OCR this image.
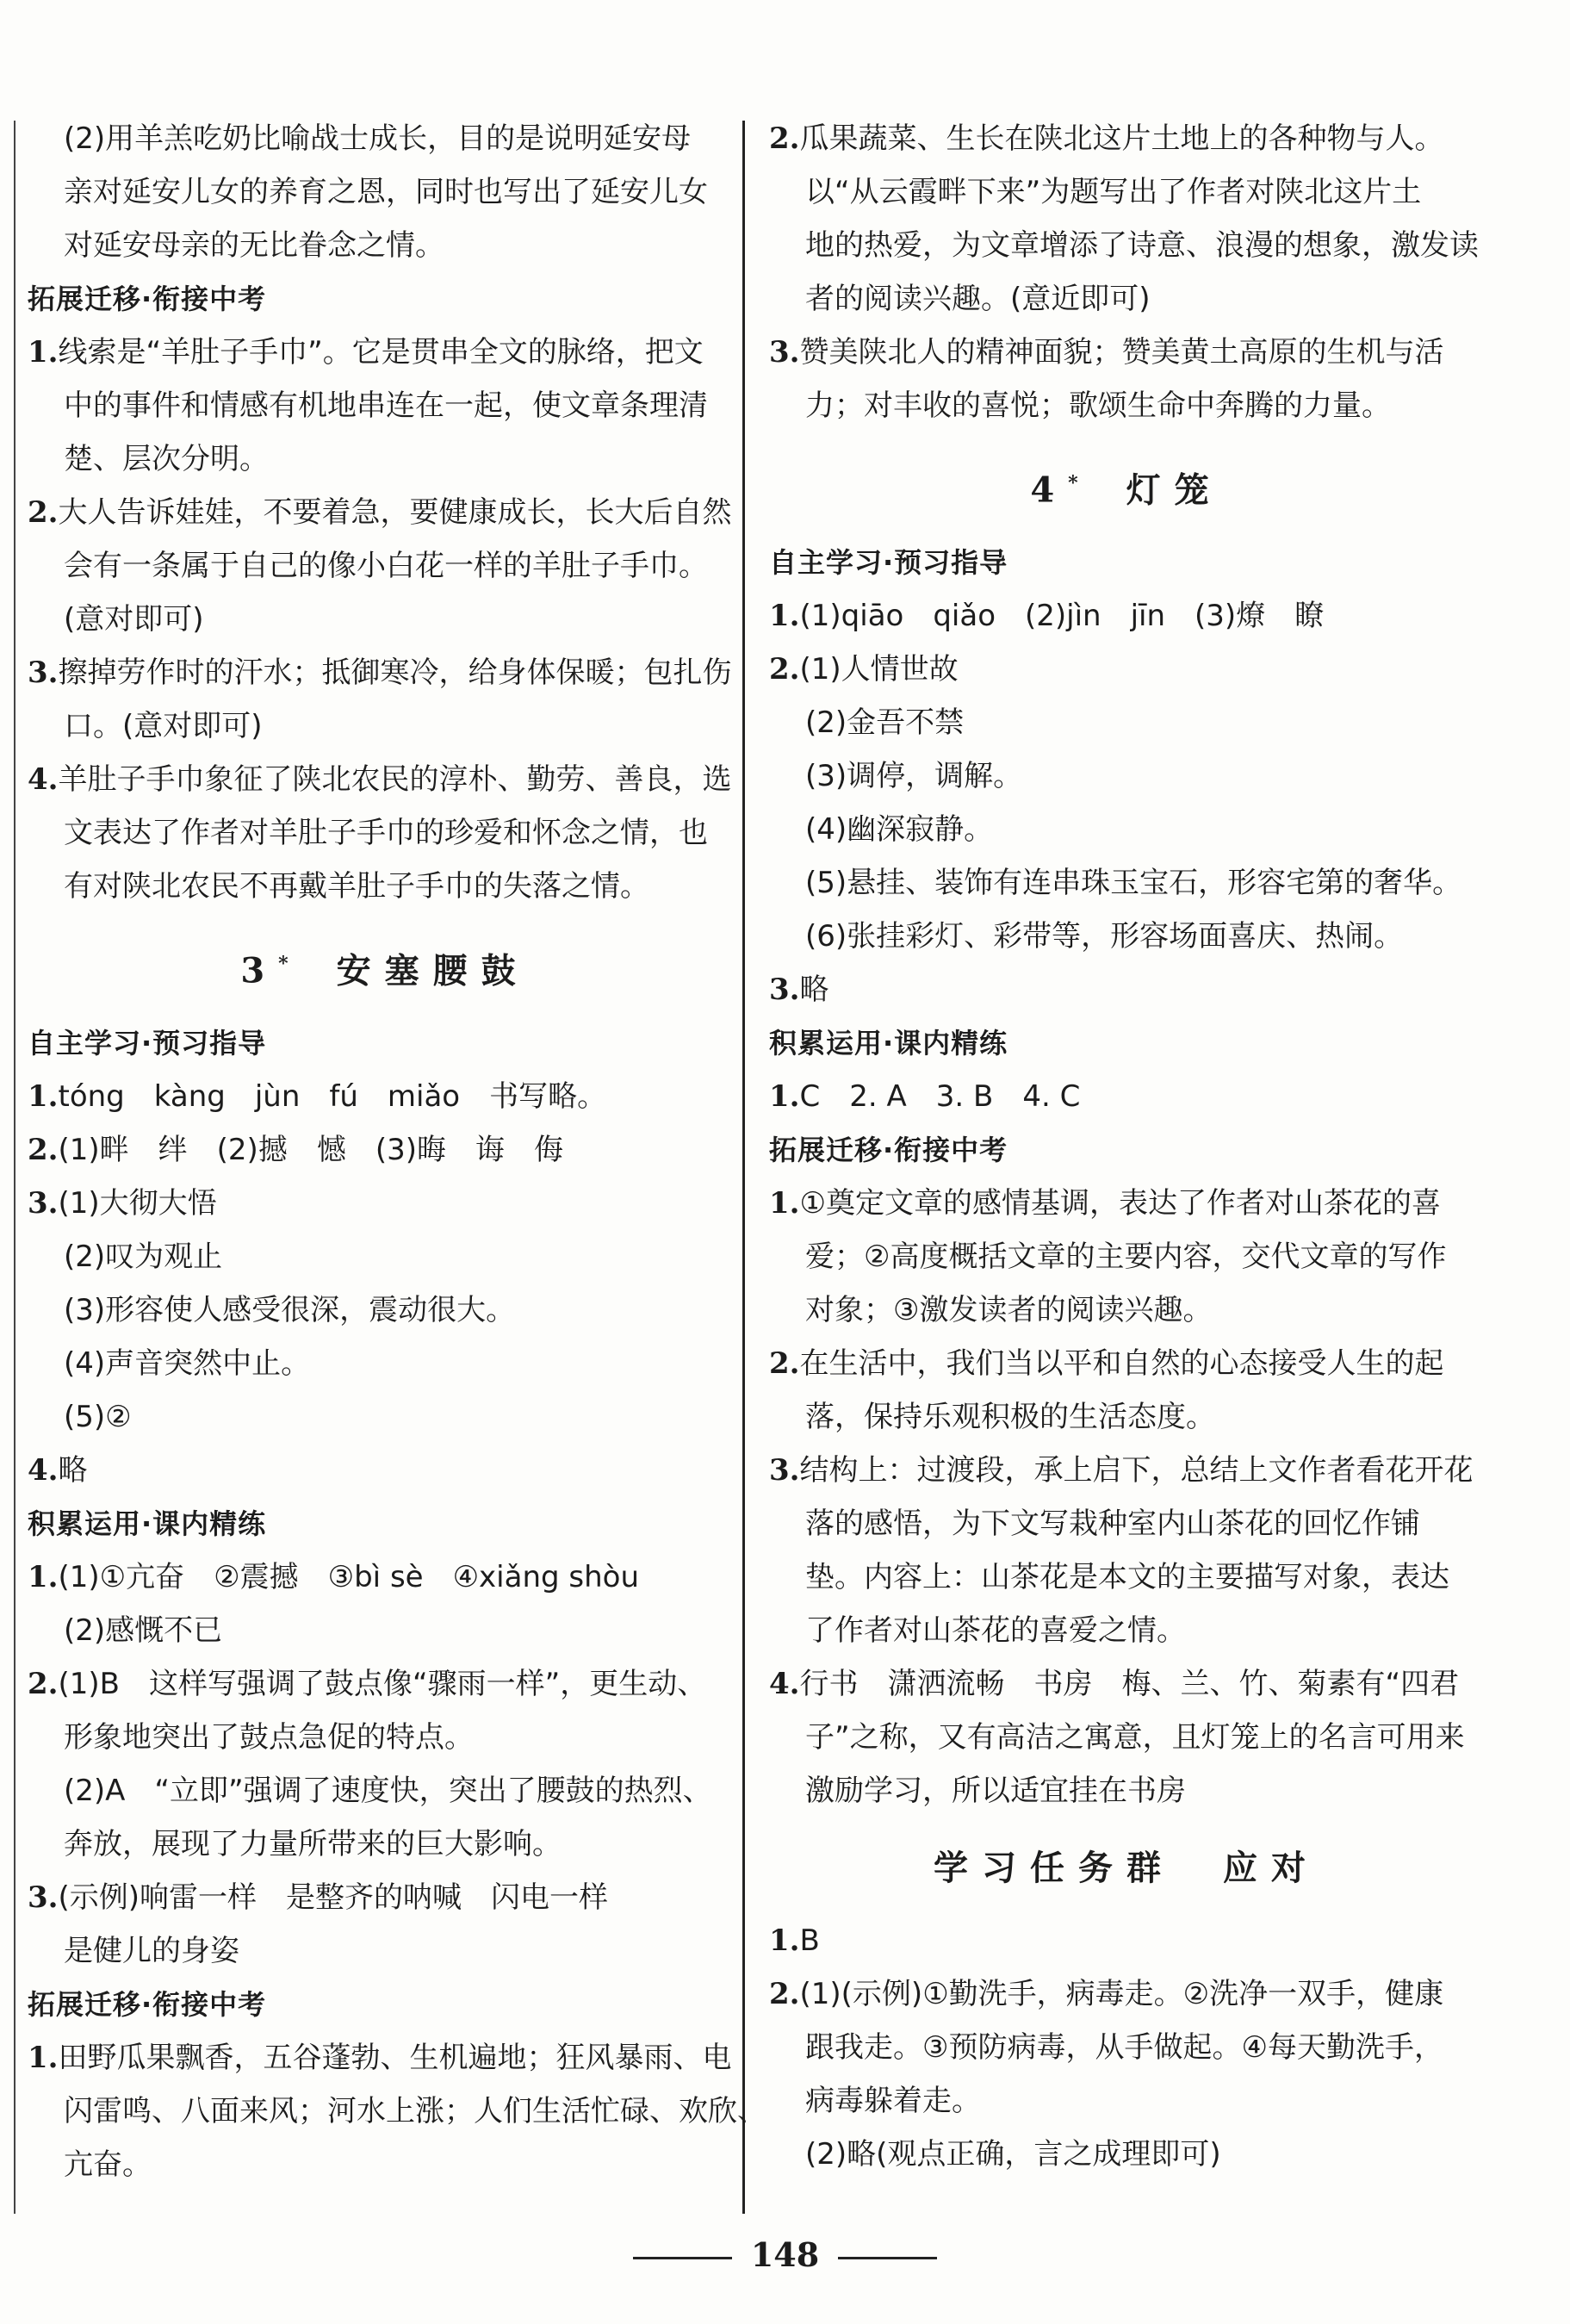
(2)用羊羔吃奶比喻战士成长，目的是说明延安母
亲对延安儿女的养育之恩，同时也写出了延安儿女
对延安母亲的无比眷念之情。
拓展迁移·衔接中考
1.线索是“羊肚子手巾”。它是贯串全文的脉络，把文
中的事件和情感有机地串连在一起，使文章条理清
楚、层次分明。
2.大人告诉娃娃，不要着急，要健康成长，长大后自然
会有一条属于自己的像小白花一样的羊肚子手巾。
(意对即可)
3.擦掉劳作时的汗水；抵御寒冷，给身体保暖；包扎伤
口。(意对即可)
4.羊肚子手巾象征了陕北农民的淳朴、勤劳、善良，选
文表达了作者对羊肚子手巾的珍爱和怀念之情，也
有对陕北农民不再戴羊肚子手巾的失落之情。
3*　 安塞腰鼓
自主学习·预习指导
1.tóng　kàng　jùn　fú　miǎo　书写略。
2.(1)畔　绊　(2)撼　憾　(3)晦　诲　侮
3.(1)大彻大悟
(2)叹为观止
(3)形容使人感受很深，震动很大。
(4)声音突然中止。
(5)②
4.略
积累运用·课内精练
1.(1)①亢奋　②震撼　③bì sè　④xiǎng shòu
(2)感慨不已
2.(1)B　这样写强调了鼓点像“骤雨一样”，更生动、
形象地突出了鼓点急促的特点。
(2)A　“立即”强调了速度快，突出了腰鼓的热烈、
奔放，展现了力量所带来的巨大影响。
3.(示例)响雷一样　是整齐的呐喊　闪电一样
是健儿的身姿
拓展迁移·衔接中考
1.田野瓜果飘香，五谷蓬勃、生机遍地；狂风暴雨、电
闪雷鸣、八面来风；河水上涨；人们生活忙碌、欢欣、
亢奋。
2.瓜果蔬菜、生长在陕北这片土地上的各种物与人。
以“从云霞畔下来”为题写出了作者对陕北这片土
地的热爱，为文章增添了诗意、浪漫的想象，激发读
者的阅读兴趣。(意近即可)
3.赞美陕北人的精神面貌；赞美黄土高原的生机与活
力；对丰收的喜悦；歌颂生命中奔腾的力量。
4*　 灯笼
自主学习·预习指导
1.(1)qiāo　qiǎo　(2)jìn　jīn　(3)燎　瞭
2.(1)人情世故
(2)金吾不禁
(3)调停，调解。
(4)幽深寂静。
(5)悬挂、装饰有连串珠玉宝石，形容宅第的奢华。
(6)张挂彩灯、彩带等，形容场面喜庆、热闹。
3.略
积累运用·课内精练
1.C　2. A　3. B　4. C
拓展迁移·衔接中考
1.①奠定文章的感情基调，表达了作者对山茶花的喜
爱；②高度概括文章的主要内容，交代文章的写作
对象；③激发读者的阅读兴趣。
2.在生活中，我们当以平和自然的心态接受人生的起
落，保持乐观积极的生活态度。
3.结构上：过渡段，承上启下，总结上文作者看花开花
落的感悟，为下文写栽种室内山茶花的回忆作铺
垫。内容上：山茶花是本文的主要描写对象，表达
了作者对山茶花的喜爱之情。
4.行书　潇洒流畅　书房　梅、兰、竹、菊素有“四君
子”之称，又有高洁之寓意，且灯笼上的名言可用来
激励学习，所以适宜挂在书房
学习任务群　应对
1.B
2.(1)(示例)①勤洗手，病毒走。②洗净一双手，健康
跟我走。③预防病毒，从手做起。④每天勤洗手，
病毒躲着走。
(2)略(观点正确，言之成理即可)
148
